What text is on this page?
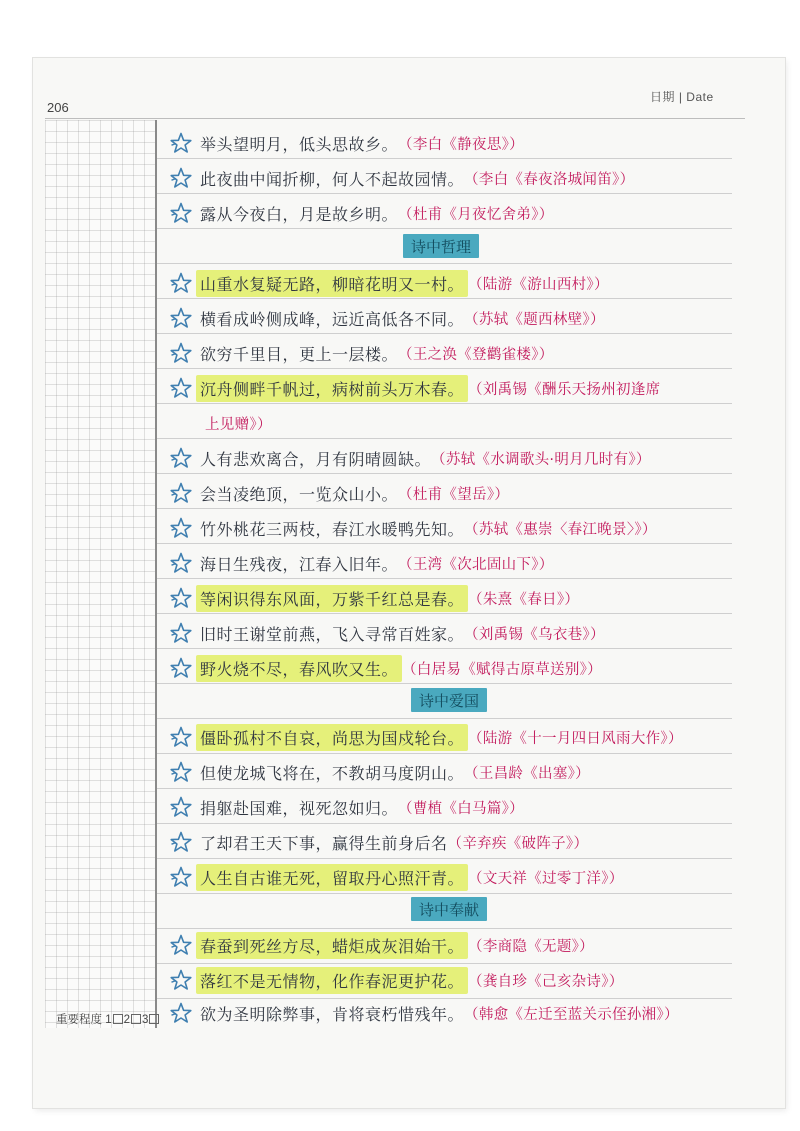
206
日期 | Date
举头望明月，低头思故乡。 （李白《静夜思》）
此夜曲中闻折柳，何人不起故园情。 （李白《春夜洛城闻笛》）
露从今夜白，月是故乡明。 （杜甫《月夜忆舍弟》）
诗中哲理
山重水复疑无路，柳暗花明又一村。 （陆游《游山西村》）
横看成岭侧成峰，远近高低各不同。 （苏轼《题西林壁》）
欲穷千里目，更上一层楼。 （王之涣《登鹳雀楼》）
沉舟侧畔千帆过，病树前头万木春。 （刘禹锡《酬乐天扬州初逢席
上见赠》）
人有悲欢离合，月有阴晴圆缺。 （苏轼《水调歌头·明月几时有》）
会当凌绝顶，一览众山小。 （杜甫《望岳》）
竹外桃花三两枝，春江水暖鸭先知。 （苏轼《惠崇〈春江晚景〉》）
海日生残夜，江春入旧年。 （王湾《次北固山下》）
等闲识得东风面，万紫千红总是春。 （朱熹《春日》）
旧时王谢堂前燕，飞入寻常百姓家。 （刘禹锡《乌衣巷》）
野火烧不尽，春风吹又生。 （白居易《赋得古原草送别》）
诗中爱国
僵卧孤村不自哀，尚思为国戍轮台。 （陆游《十一月四日风雨大作》）
但使龙城飞将在，不教胡马度阴山。 （王昌龄《出塞》）
捐躯赴国难，视死忽如归。 （曹植《白马篇》）
了却君王天下事，赢得生前身后名 （辛弃疾《破阵子》）
人生自古谁无死，留取丹心照汗青。 （文天祥《过零丁洋》）
诗中奉献
春蚕到死丝方尽，蜡炬成灰泪始干。 （李商隐《无题》）
落红不是无情物，化作春泥更护花。 （龚自珍《己亥杂诗》）
欲为圣明除弊事，肯将衰朽惜残年。 （韩愈《左迁至蓝关示侄孙湘》）
重要程度 1 2 3
